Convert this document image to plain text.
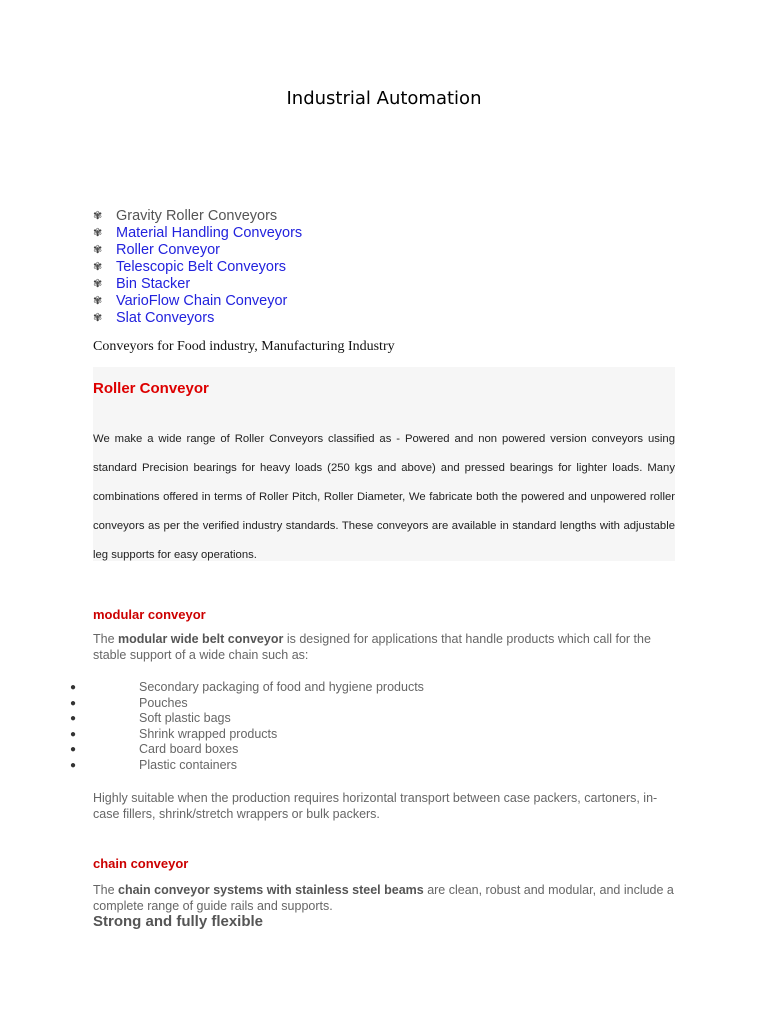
Industrial Automation
✾ Gravity Roller Conveyors
✾ Material Handling Conveyors
✾ Roller Conveyor
✾ Telescopic Belt Conveyors
✾ Bin Stacker
✾ VarioFlow Chain Conveyor
✾ Slat Conveyors
Conveyors for Food industry, Manufacturing Industry
Roller Conveyor

We make a wide range of Roller Conveyors classified as - Powered and non powered version conveyors using standard Precision bearings for heavy loads (250 kgs and above) and pressed bearings for lighter loads. Many combinations offered in terms of Roller Pitch, Roller Diameter, We fabricate both the powered and unpowered roller conveyors as per the verified industry standards. These conveyors are available in standard lengths with adjustable leg supports for easy operations.

modular conveyor

The modular wide belt conveyor is designed for applications that handle products which call for the stable support of a wide chain such as:

●	Secondary packaging of food and hygiene products
●	Pouches
●	Soft plastic bags
●	Shrink wrapped products
●	Card board boxes
●	Plastic containers

Highly suitable when the production requires horizontal transport between case packers, cartoners, in-case fillers, shrink/stretch wrappers or bulk packers.

chain conveyor

The chain conveyor systems with stainless steel beams are clean, robust and modular, and include a complete range of guide rails and supports.

Strong and fully flexible
